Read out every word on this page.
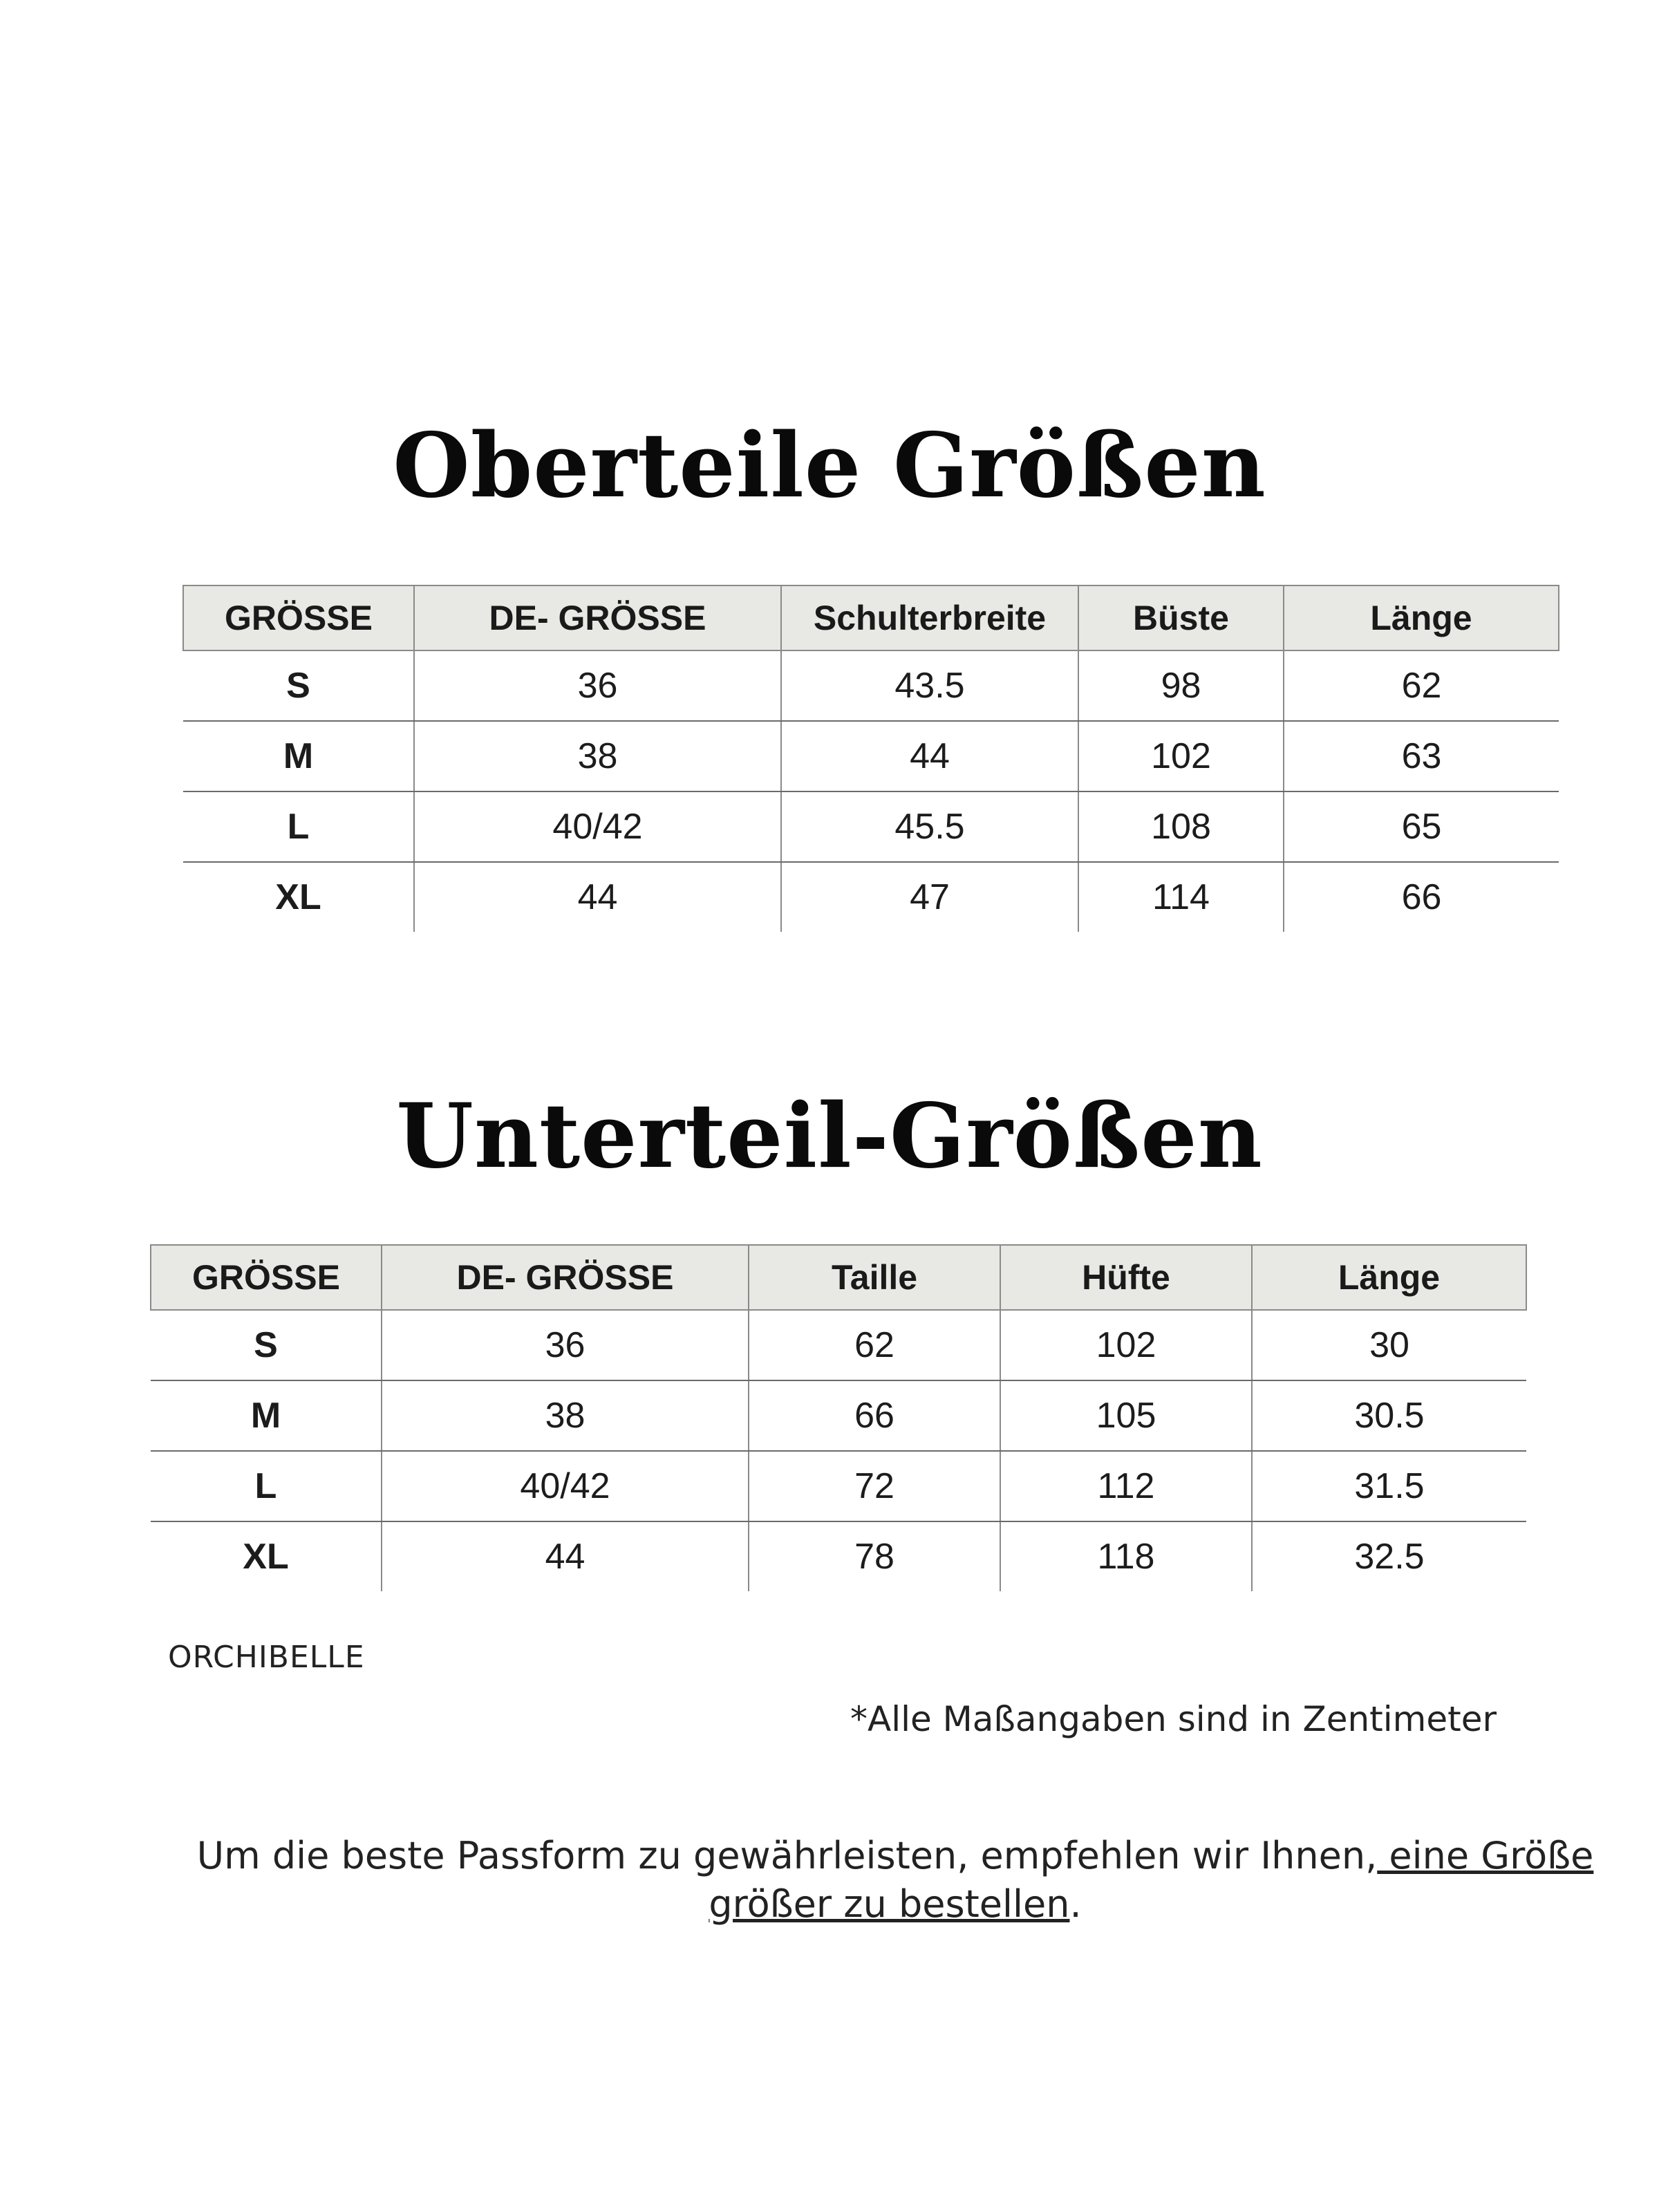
Oberteile Größen
GRÖSSE	DE- GRÖSSE	Schulterbreite	Büste	Länge
S	36	43.5	98	62
M	38	44	102	63
L	40/42	45.5	108	65
XL	44	47	114	66
Unterteil-Größen
GRÖSSE	DE- GRÖSSE	Taille	Hüfte	Länge
S	36	62	102	30
M	38	66	105	30.5
L	40/42	72	112	31.5
XL	44	78	118	32.5
ORCHIBELLE
*Alle Maßangaben sind in Zentimeter
Um die beste Passform zu gewährleisten, empfehlen wir Ihnen, eine Größe größer zu bestellen.
